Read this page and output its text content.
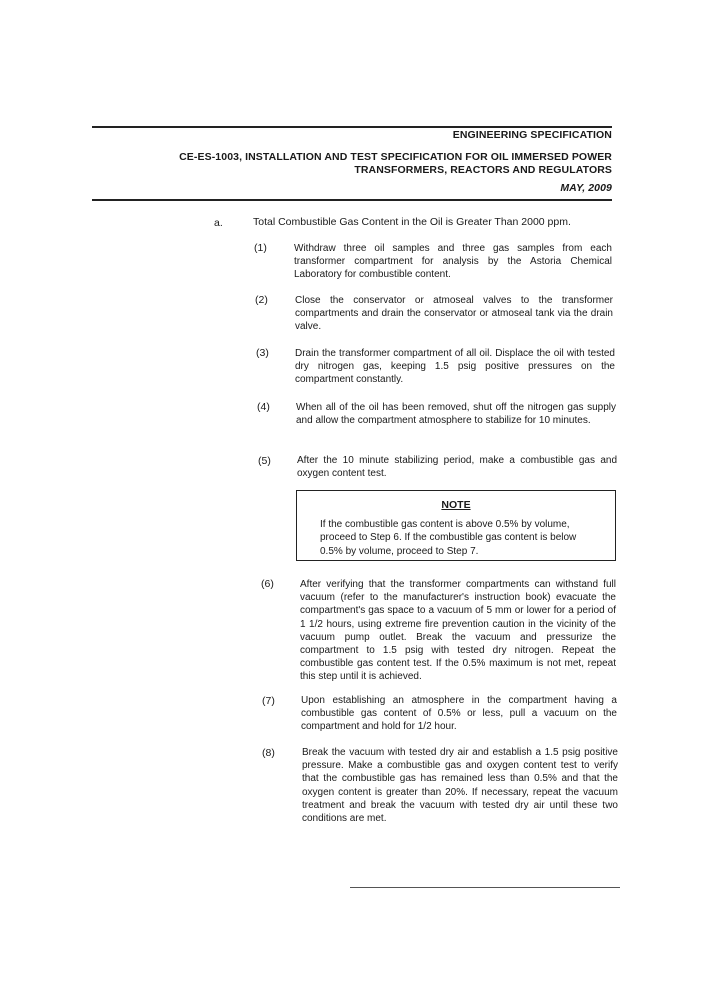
ENGINEERING SPECIFICATION
CE-ES-1003, INSTALLATION AND TEST SPECIFICATION FOR OIL IMMERSED POWER
TRANSFORMERS, REACTORS AND REGULATORS
MAY, 2009
a.	Total Combustible Gas Content in the Oil is Greater Than 2000 ppm.
(1)	Withdraw three oil samples and three gas samples from each transformer compartment for analysis by the Astoria Chemical Laboratory for combustible content.
(2)	Close the conservator or atmoseal valves to the transformer compartments and drain the conservator or atmoseal tank via the drain valve.
(3)	Drain the transformer compartment of all oil. Displace the oil with tested dry nitrogen gas, keeping 1.5 psig positive pressures on the compartment constantly.
(4)	When all of the oil has been removed, shut off the nitrogen gas supply and allow the compartment atmosphere to stabilize for 10 minutes.
(5)	After the 10 minute stabilizing period, make a combustible gas and oxygen content test.
NOTE
If the combustible gas content is above 0.5% by volume, proceed to Step 6. If the combustible gas content is below 0.5% by volume, proceed to Step 7.
(6)	After verifying that the transformer compartments can withstand full vacuum (refer to the manufacturer's instruction book) evacuate the compartment's gas space to a vacuum of 5 mm or lower for a period of 1 1/2 hours, using extreme fire prevention caution in the vicinity of the vacuum pump outlet. Break the vacuum and pressurize the compartment to 1.5 psig with tested dry nitrogen. Repeat the combustible gas content test. If the 0.5% maximum is not met, repeat this step until it is achieved.
(7)	Upon establishing an atmosphere in the compartment having a combustible gas content of 0.5% or less, pull a vacuum on the compartment and hold for 1/2 hour.
(8)	Break the vacuum with tested dry air and establish a 1.5 psig positive pressure. Make a combustible gas and oxygen content test to verify that the combustible gas has remained less than 0.5% and that the oxygen content is greater than 20%. If necessary, repeat the vacuum treatment and break the vacuum with tested dry air until these two conditions are met.
